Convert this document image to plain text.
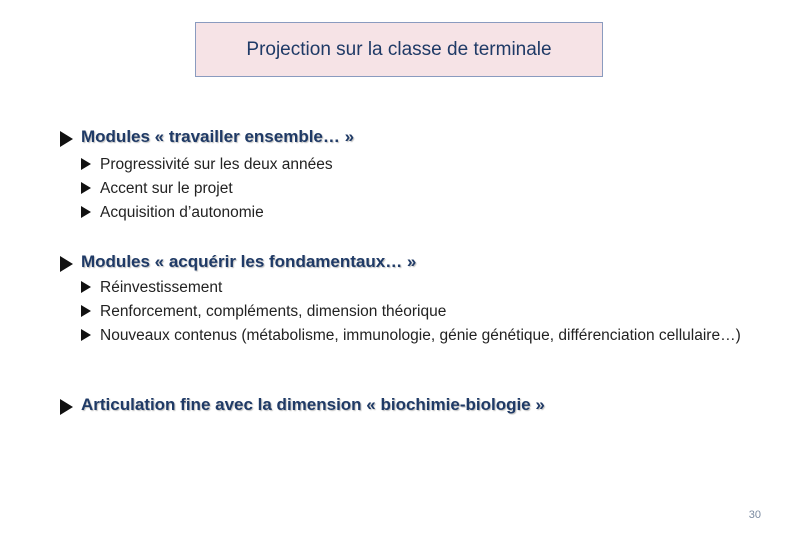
Projection sur la classe de terminale
Modules « travailler ensemble… »
Progressivité sur les deux années
Accent sur le projet
Acquisition d’autonomie
Modules « acquérir les fondamentaux… »
Réinvestissement
Renforcement, compléments, dimension théorique
Nouveaux contenus (métabolisme, immunologie, génie génétique, différenciation cellulaire…)
Articulation fine avec la dimension « biochimie-biologie »
30
